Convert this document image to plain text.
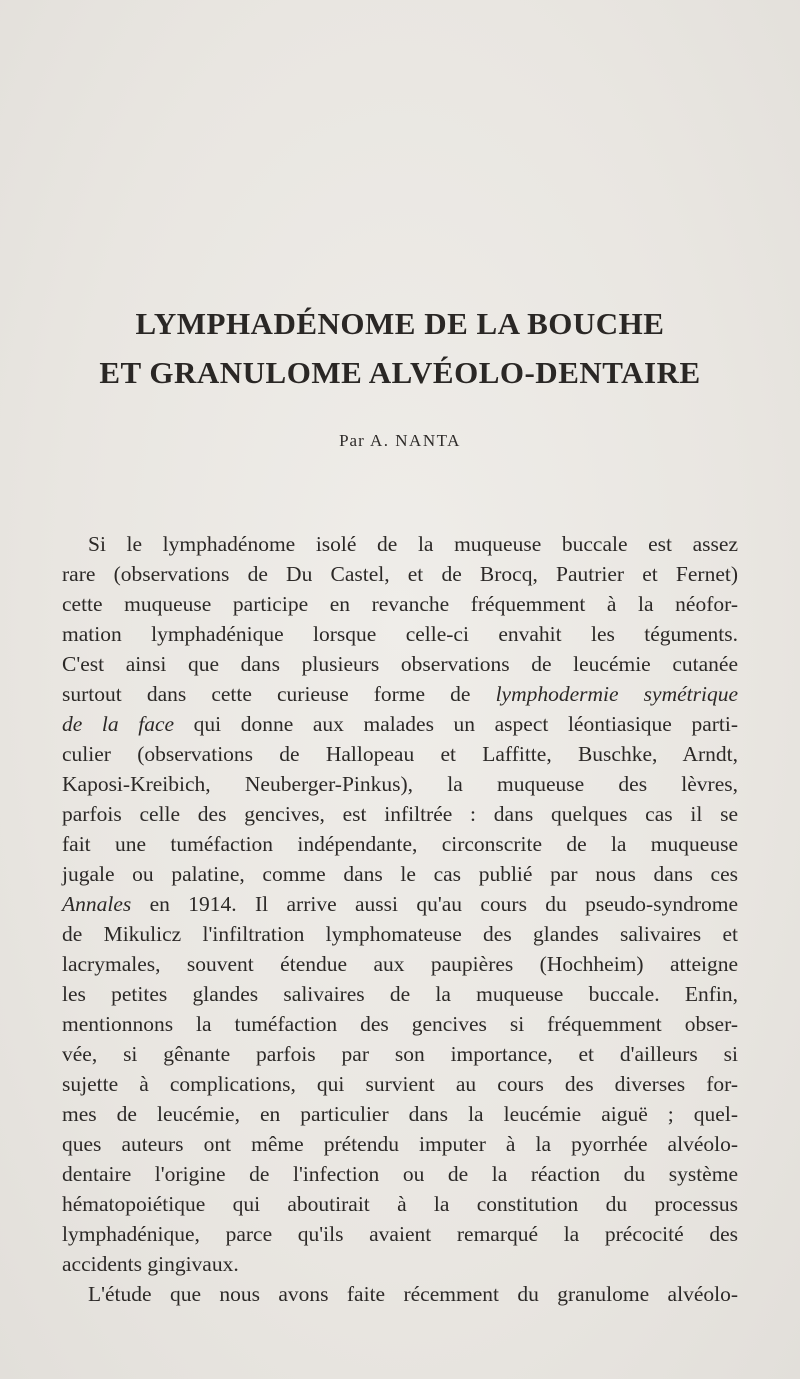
LYMPHADÉNOME DE LA BOUCHE
ET GRANULOME ALVÉOLO-DENTAIRE
Par A. NANTA
Si le lymphadénome isolé de la muqueuse buccale est assez
rare (observations de Du Castel, et de Brocq, Pautrier et Fernet)
cette muqueuse participe en revanche fréquemment à la néofor-
mation lymphadénique lorsque celle-ci envahit les téguments.
C'est ainsi que dans plusieurs observations de leucémie cutanée
surtout dans cette curieuse forme de lymphodermie symétrique
de la face qui donne aux malades un aspect léontiasique parti-
culier (observations de Hallopeau et Laffitte, Buschke, Arndt,
Kaposi-Kreibich, Neuberger-Pinkus), la muqueuse des lèvres,
parfois celle des gencives, est infiltrée : dans quelques cas il se
fait une tuméfaction indépendante, circonscrite de la muqueuse
jugale ou palatine, comme dans le cas publié par nous dans ces
Annales en 1914. Il arrive aussi qu'au cours du pseudo-syndrome
de Mikulicz l'infiltration lymphomateuse des glandes salivaires et
lacrymales, souvent étendue aux paupières (Hochheim) atteigne
les petites glandes salivaires de la muqueuse buccale. Enfin,
mentionnons la tuméfaction des gencives si fréquemment obser-
vée, si gênante parfois par son importance, et d'ailleurs si
sujette à complications, qui survient au cours des diverses for-
mes de leucémie, en particulier dans la leucémie aiguë ; quel-
ques auteurs ont même prétendu imputer à la pyorrhée alvéolo-
dentaire l'origine de l'infection ou de la réaction du système
hématopoiétique qui aboutirait à la constitution du processus
lymphadénique, parce qu'ils avaient remarqué la précocité des
accidents gingivaux.
L'étude que nous avons faite récemment du granulome alvéolo-
